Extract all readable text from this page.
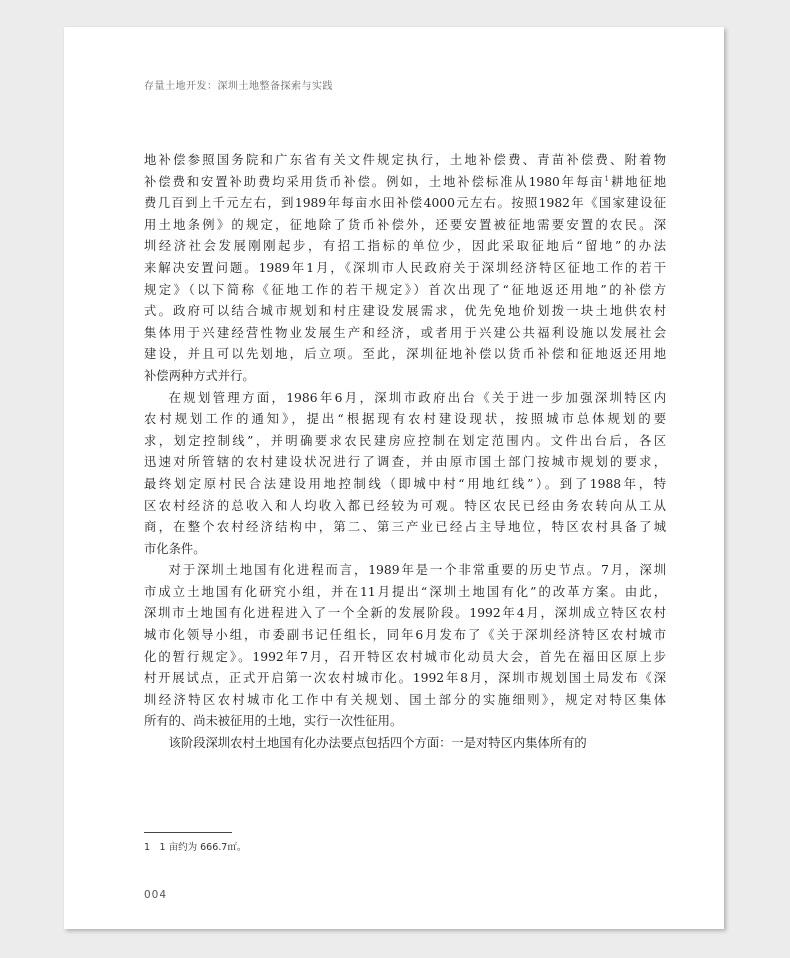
存量土地开发：深圳土地整备探索与实践

地补偿参照国务院和广东省有关文件规定执行，土地补偿费、青苗补偿费、附着物

补偿费和安置补助费均采用货币补偿。例如，土地补偿标准从1980年每亩$^1$耕地征地

费几百到上千元左右，到1989年每亩水田补偿4000元左右。按照1982年《国家建设征

用土地条例》的规定，征地除了货币补偿外，还要安置被征地需要安置的农民。深

圳经济社会发展刚刚起步，有招工指标的单位少，因此采取征地后“留地”的办法

来解决安置问题。1989年1月，《深圳市人民政府关于深圳经济特区征地工作的若干

规定》（以下简称《征地工作的若干规定》）首次出现了“征地返还用地”的补偿方

式。政府可以结合城市规划和村庄建设发展需求，优先免地价划拨一块土地供农村

集体用于兴建经营性物业发展生产和经济，或者用于兴建公共福利设施以发展社会

建设，并且可以先划地，后立项。至此，深圳征地补偿以货币补偿和征地返还用地

补偿两种方式并行。

在规划管理方面，1986年6月，深圳市政府出台《关于进一步加强深圳特区内

农村规划工作的通知》，提出“根据现有农村建设现状，按照城市总体规划的要

求，划定控制线”，并明确要求农民建房应控制在划定范围内。文件出台后，各区

迅速对所管辖的农村建设状况进行了调查，并由原市国土部门按城市规划的要求，

最终划定原村民合法建设用地控制线（即城中村“用地红线”）。到了1988年，特

区农村经济的总收入和人均收入都已经较为可观。特区农民已经由务农转向从工从

商，在整个农村经济结构中，第二、第三产业已经占主导地位，特区农村具备了城

市化条件。

对于深圳土地国有化进程而言，1989年是一个非常重要的历史节点。7月，深圳

市成立土地国有化研究小组，并在11月提出“深圳土地国有化”的改革方案。由此，

深圳市土地国有化进程进入了一个全新的发展阶段。1992年4月，深圳成立特区农村

城市化领导小组，市委副书记任组长，同年6月发布了《关于深圳经济特区农村城市

化的暂行规定》。1992年7月，召开特区农村城市化动员大会，首先在福田区原上步

村开展试点，正式开启第一次农村城市化。1992年8月，深圳市规划国土局发布《深

圳经济特区农村城市化工作中有关规划、国土部分的实施细则》，规定对特区集体

所有的、尚未被征用的土地，实行一次性征用。

该阶段深圳农村土地国有化办法要点包括四个方面：一是对特区内集体所有的

1　1 亩约为 666.7㎡。
004
